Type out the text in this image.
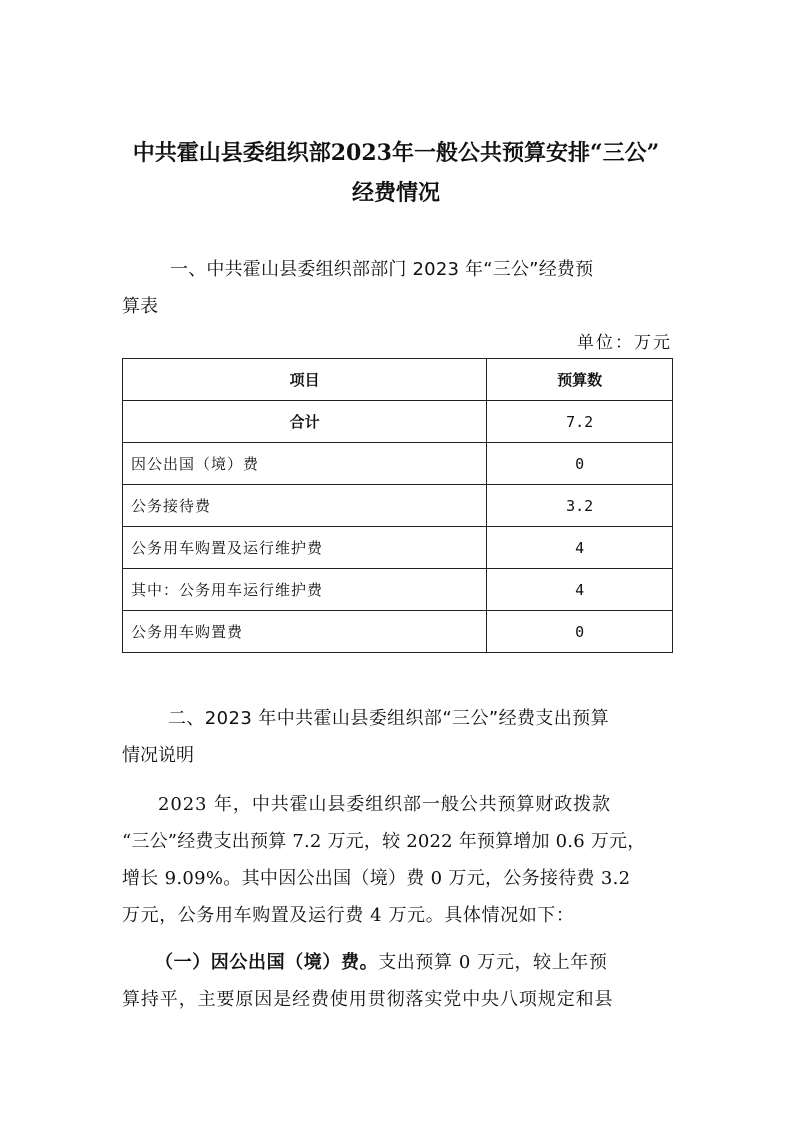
中共霍山县委组织部2023年一般公共预算安排“三公”
经费情况

一、中共霍山县委组织部部门 2023 年“三公”经费预

算表

单位：万元
项目	预算数
合计	7.2
因公出国（境）费	0
公务接待费	3.2
公务用车购置及运行维护费	4
其中：公务用车运行维护费	4
公务用车购置费	0

二、2023 年中共霍山县委组织部“三公”经费支出预算

情况说明

2023 年，中共霍山县委组织部一般公共预算财政拨款

“三公”经费支出预算 7.2 万元，较 2022 年预算增加 0.6 万元，

增长 9.09%。其中因公出国（境）费 0 万元，公务接待费 3.2

万元，公务用车购置及运行费 4 万元。具体情况如下：

（一）因公出国（境）费。支出预算 0 万元，较上年预

算持平，主要原因是经费使用贯彻落实党中央八项规定和县
